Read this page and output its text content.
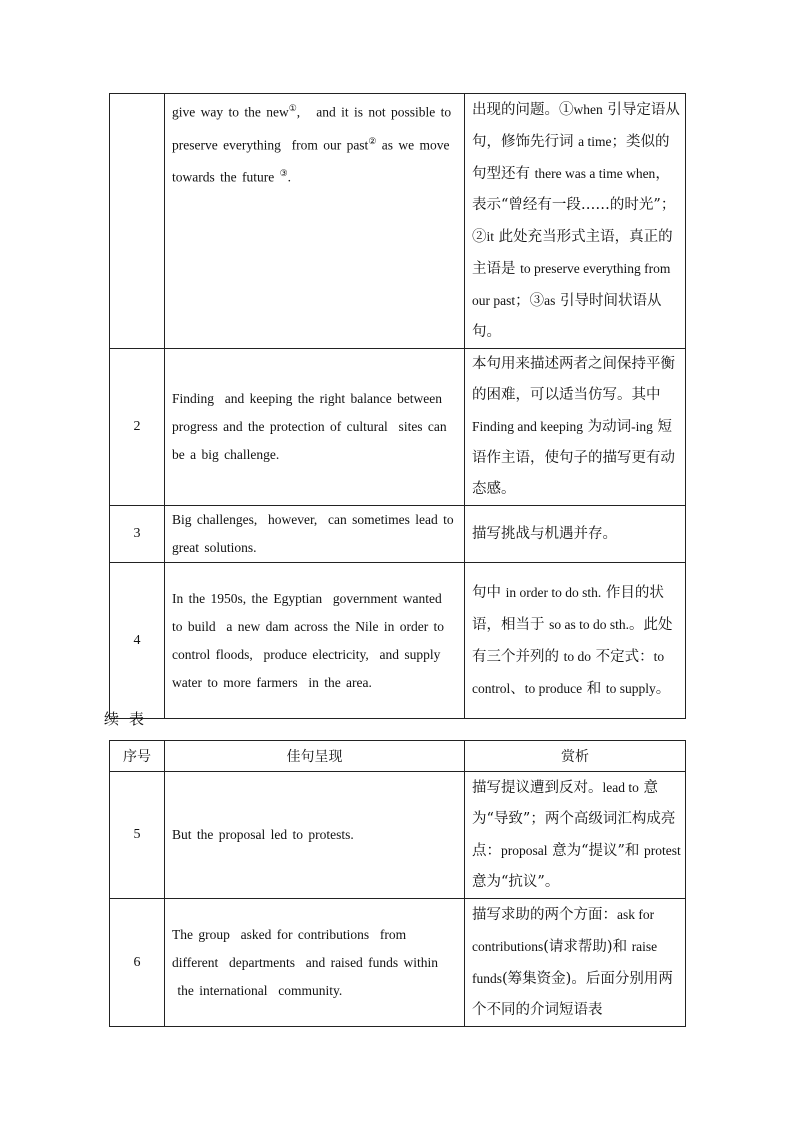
	give way to the new①,   and it is not possible to preserve everything  from our past② as we move towards the future ③.	出现的问题。①when 引导定语从句，修饰先行词 a time；类似的句型还有 there was a time when，表示“曾经有一段……的时光”；②it 此处充当形式主语，真正的主语是 to preserve everything from our past；③as 引导时间状语从句。
2	Finding  and keeping the right balance between progress and the protection of cultural  sites can be a big challenge.	本句用来描述两者之间保持平衡的困难，可以适当仿写。其中 Finding and keeping 为动词-ing 短语作主语，使句子的描写更有动态感。
3	Big challenges,  however,  can sometimes lead to great solutions.	描写挑战与机遇并存。
4	In the 1950s, the Egyptian  government wanted to build  a new dam across the Nile in order to control floods,  produce electricity,  and supply water to more farmers  in the area.	句中 in order to do sth. 作目的状语，相当于 so as to do sth.。此处有三个并列的 to do 不定式：to control、to produce 和 to supply。
续表
序号	佳句呈现	赏析
5	But the proposal led to protests.	描写提议遭到反对。lead to 意为“导致”；两个高级词汇构成亮点：proposal 意为“提议”和 protest 意为“抗议”。
6	The group  asked for contributions  from different  departments  and raised funds within  the international  community.	描写求助的两个方面：ask for contributions(请求帮助)和 raise funds(筹集资金)。后面分别用两个不同的介词短语表
